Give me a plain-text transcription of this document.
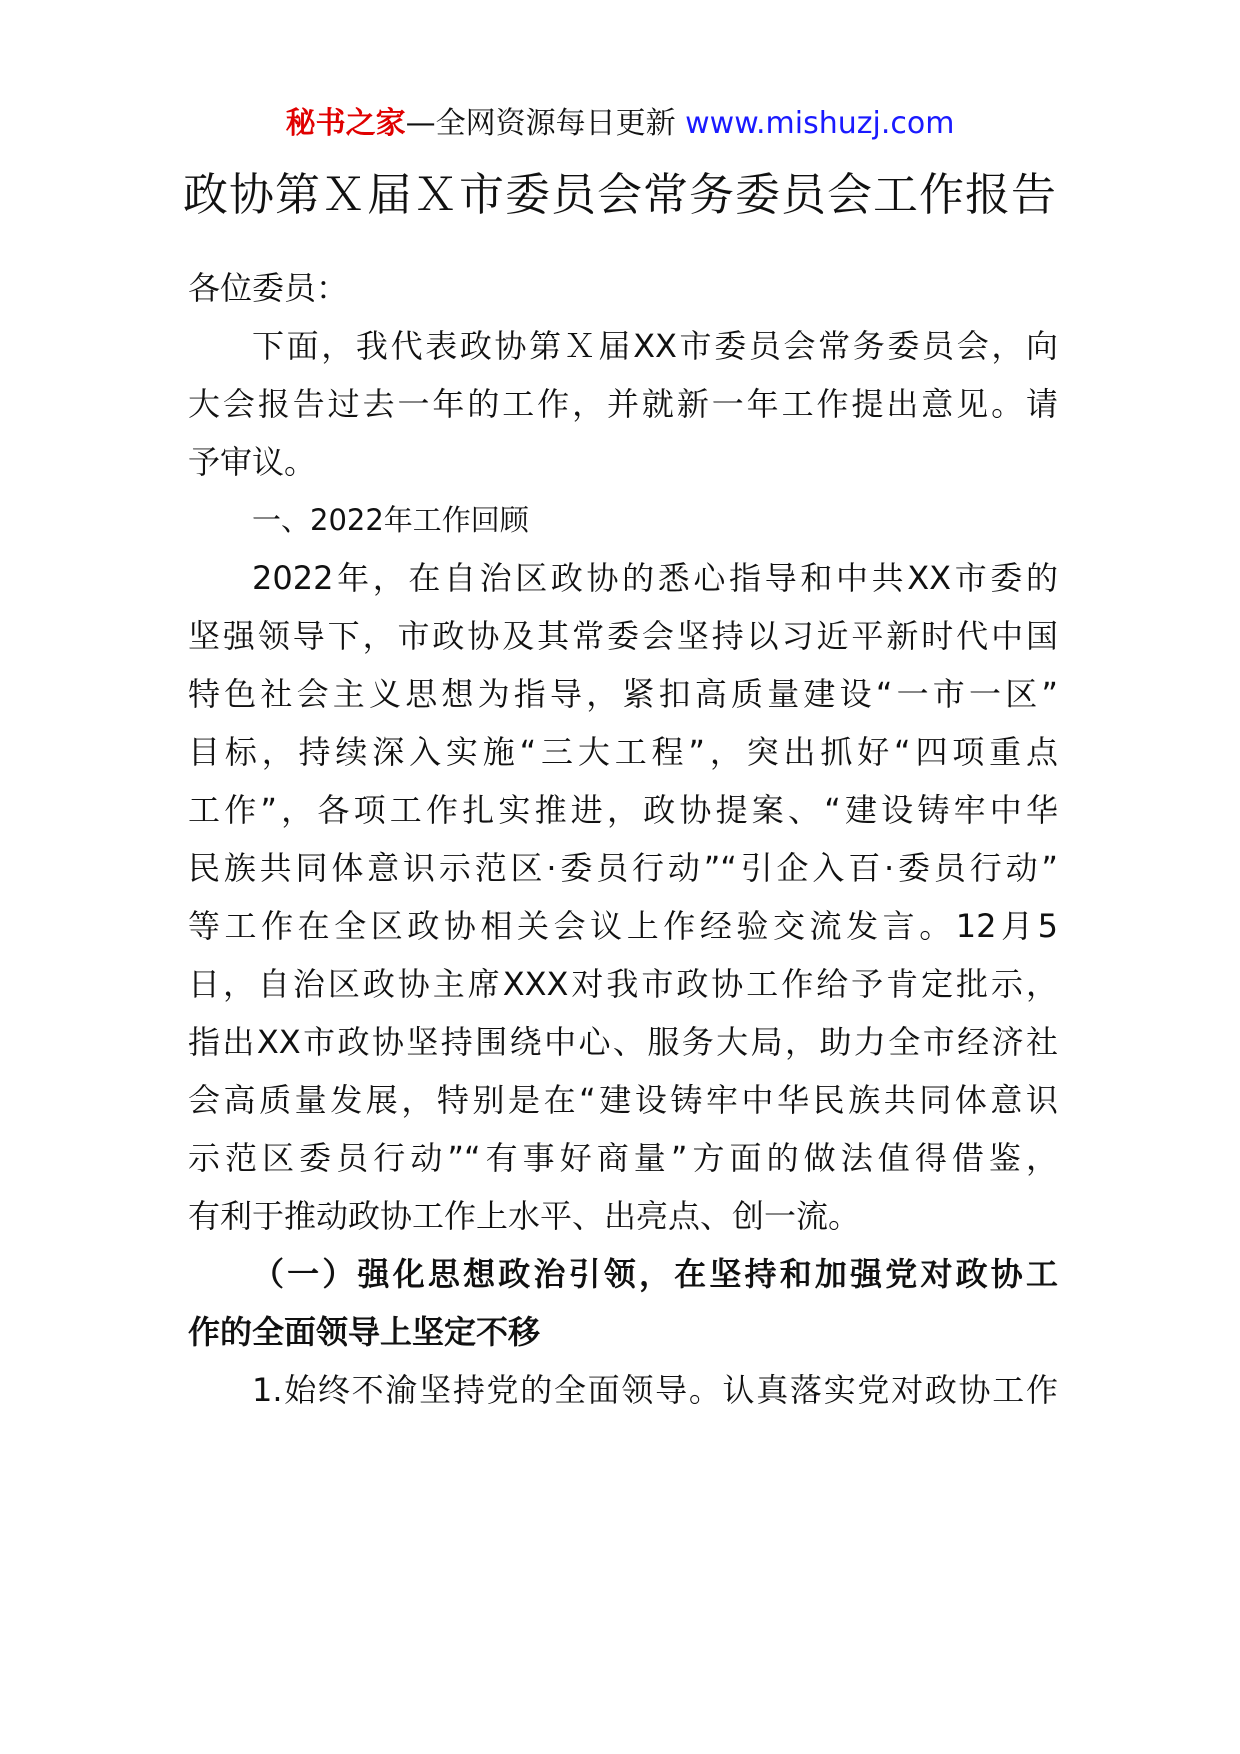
秘书之家—全网资源每日更新 www.mishuzj.com
政协第Ｘ届Ｘ市委员会常务委员会工作报告
各位委员：
下面，我代表政协第Ｘ届XX市委员会常务委员会，向
大会报告过去一年的工作，并就新一年工作提出意见。请
予审议。
一、2022年工作回顾
2022年，在自治区政协的悉心指导和中共XX市委的
坚强领导下，市政协及其常委会坚持以习近平新时代中国
特色社会主义思想为指导，紧扣高质量建设“一市一区”
目标，持续深入实施“三大工程”，突出抓好“四项重点
工作”，各项工作扎实推进，政协提案、“建设铸牢中华
民族共同体意识示范区·委员行动”“引企入百·委员行动”
等工作在全区政协相关会议上作经验交流发言。12月5
日，自治区政协主席XXX对我市政协工作给予肯定批示，
指出XX市政协坚持围绕中心、服务大局，助力全市经济社
会高质量发展，特别是在“建设铸牢中华民族共同体意识
示范区委员行动”“有事好商量”方面的做法值得借鉴，
有利于推动政协工作上水平、出亮点、创一流。
（一）强化思想政治引领，在坚持和加强党对政协工
作的全面领导上坚定不移
1.始终不渝坚持党的全面领导。认真落实党对政协工作
